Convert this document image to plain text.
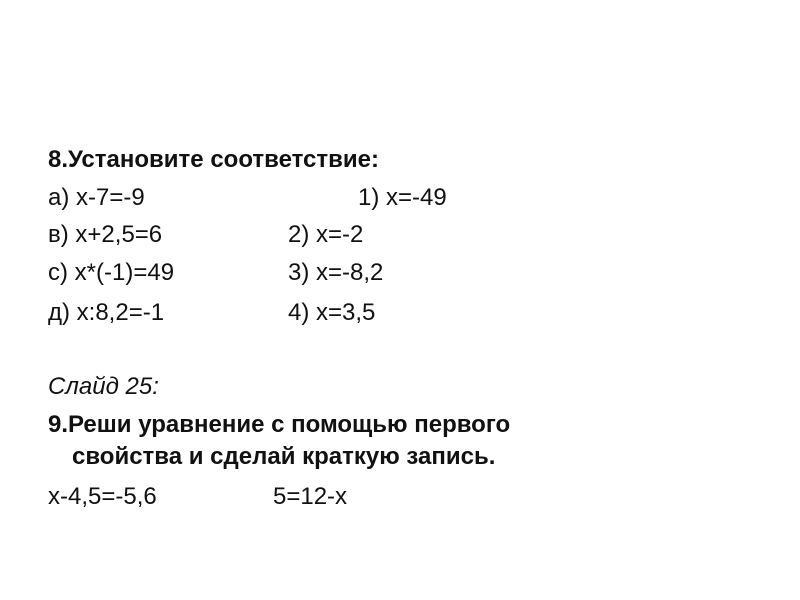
8.Установите соответствие:
а) х-7=-9	1) х=-49
в) х+2,5=6	2) х=-2
с) х*(-1)=49	3) х=-8,2
д) х:8,2=-1	4) х=3,5
Слайд 25:
9.Реши уравнение с помощью первого
свойства и сделай краткую запись.
х-4,5=-5,6	5=12-х
